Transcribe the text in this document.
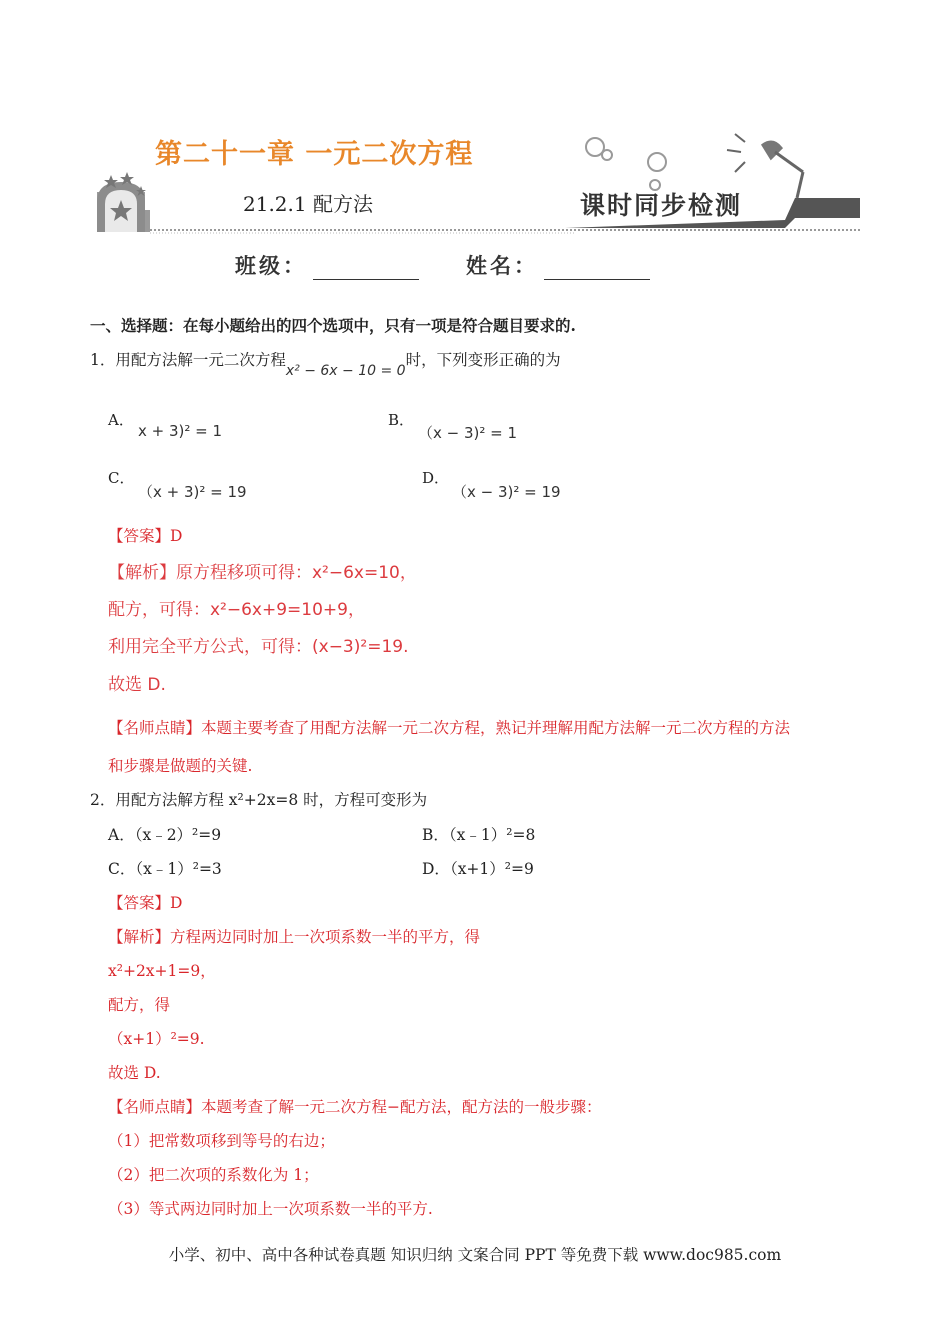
第二十一章 一元二次方程
21.2.1 配方法	课时同步检测
班级：	姓名：
一、选择题：在每小题给出的四个选项中，只有一项是符合题目要求的.
1．用配方法解一元二次方程x² − 6x − 10 = 0时，下列变形正确的为
A．
x + 3)² = 1
B．
（x − 3)² = 1
C．
（x + 3)² = 19
D．
（x − 3)² = 19
【答案】D
【解析】原方程移项可得：x²−6x=10，
配方，可得：x²−6x+9=10+9，
利用完全平方公式，可得：(x−3)²=19.
故选 D.
【名师点睛】本题主要考查了用配方法解一元二次方程，熟记并理解用配方法解一元二次方程的方法
和步骤是做题的关键.
2．用配方法解方程 x²+2x=8 时，方程可变形为
A．（x﹣2）²=9	B．（x﹣1）²=8
C．（x﹣1）²=3	D．（x+1）²=9
【答案】D
【解析】方程两边同时加上一次项系数一半的平方，得
x²+2x+1=9，
配方，得
（x+1）²=9.
故选 D.
【名师点睛】本题考查了解一元二次方程−配方法，配方法的一般步骤：
（1）把常数项移到等号的右边；
（2）把二次项的系数化为 1；
（3）等式两边同时加上一次项系数一半的平方.
小学、初中、高中各种试卷真题 知识归纳 文案合同 PPT 等免费下载 www.doc985.com
